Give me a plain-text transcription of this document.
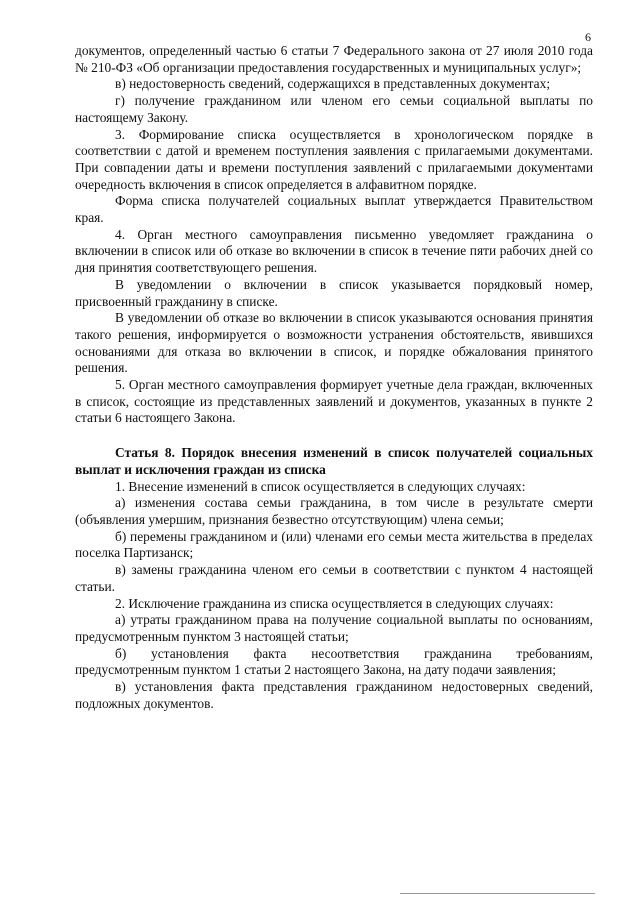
6

документов, определенный частью 6 статьи 7 Федерального закона от 27 июля 2010 года № 210-ФЗ «Об организации предоставления государственных и муниципальных услуг»;

в) недостоверность сведений, содержащихся в представленных документах;

г) получение гражданином или членом его семьи социальной выплаты по настоящему Закону.

3. Формирование списка осуществляется в хронологическом порядке в соответствии с датой и временем поступления заявления с прилагаемыми документами. При совпадении даты и времени поступления заявлений с прилагаемыми документами очередность включения в список определяется в алфавитном порядке.

Форма списка получателей социальных выплат утверждается Правительством края.

4. Орган местного самоуправления письменно уведомляет гражданина о включении в список или об отказе во включении в список в течение пяти рабочих дней со дня принятия соответствующего решения.

В уведомлении о включении в список указывается порядковый номер, присвоенный гражданину в списке.

В уведомлении об отказе во включении в список указываются основания принятия такого решения, информируется о возможности устранения обстоятельств, явившихся основаниями для отказа во включении в список, и порядке обжалования принятого решения.

5. Орган местного самоуправления формирует учетные дела граждан, включенных в список, состоящие из представленных заявлений и документов, указанных в пункте 2 статьи 6 настоящего Закона.

Статья 8. Порядок внесения изменений в список получателей социальных выплат и исключения граждан из списка

1. Внесение изменений в список осуществляется в следующих случаях:

а) изменения состава семьи гражданина, в том числе в результате смерти (объявления умершим, признания безвестно отсутствующим) члена семьи;

б) перемены гражданином и (или) членами его семьи места жительства в пределах поселка Партизанск;

в) замены гражданина членом его семьи в соответствии с пунктом 4 настоящей статьи.

2. Исключение гражданина из списка осуществляется в следующих случаях:

а) утраты гражданином права на получение социальной выплаты по основаниям, предусмотренным пунктом 3 настоящей статьи;

б) установления факта несоответствия гражданина требованиям, предусмотренным пунктом 1 статьи 2 настоящего Закона, на дату подачи заявления;

в) установления факта представления гражданином недостоверных сведений, подложных документов.
